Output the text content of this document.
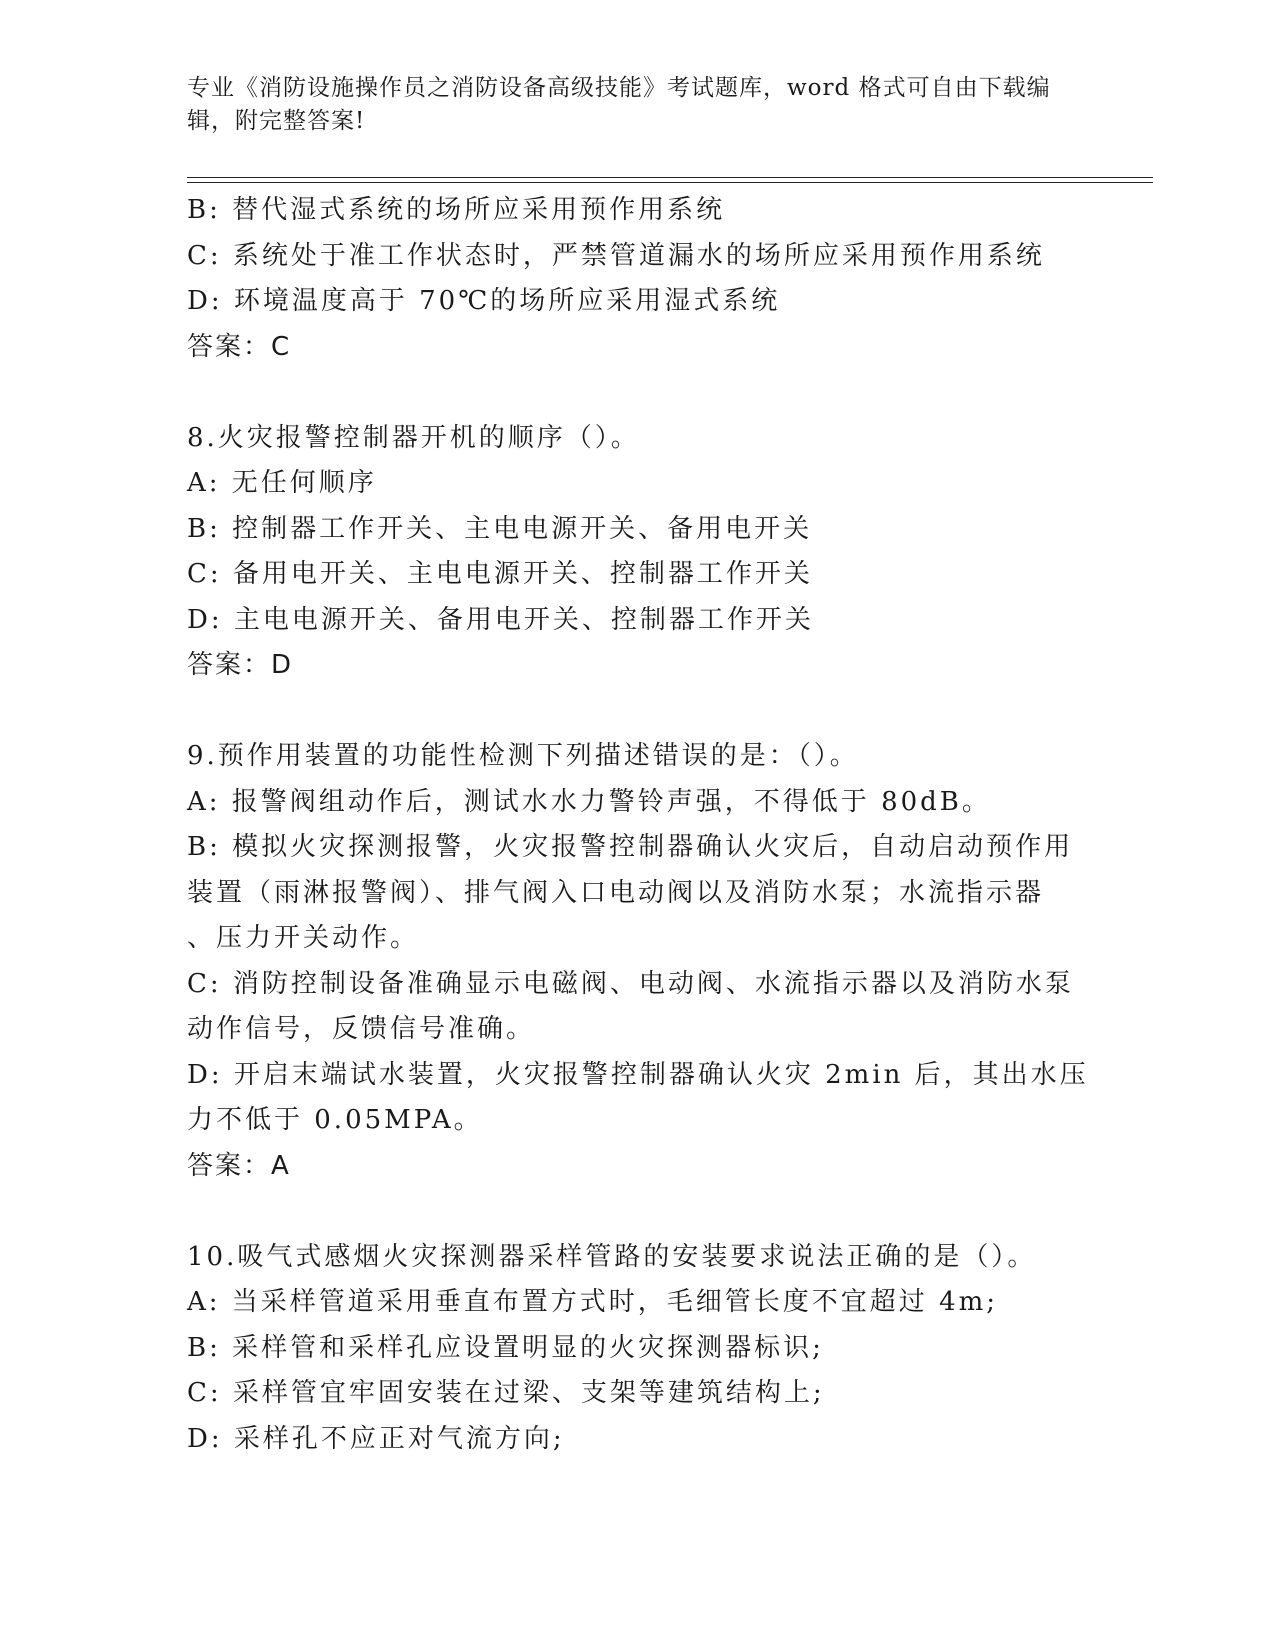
专业《消防设施操作员之消防设备高级技能》考试题库，word 格式可自由下载编
辑，附完整答案!
B: 替代湿式系统的场所应采用预作用系统
C: 系统处于准工作状态时，严禁管道漏水的场所应采用预作用系统
D: 环境温度高于 70℃的场所应采用湿式系统
答案：C
8.火灾报警控制器开机的顺序（）。
A: 无任何顺序
B: 控制器工作开关、主电电源开关、备用电开关
C: 备用电开关、主电电源开关、控制器工作开关
D: 主电电源开关、备用电开关、控制器工作开关
答案：D
9.预作用装置的功能性检测下列描述错误的是：（）。
A: 报警阀组动作后，测试水水力警铃声强，不得低于 80dB。
B: 模拟火灾探测报警，火灾报警控制器确认火灾后，自动启动预作用
装置（雨淋报警阀）、排气阀入口电动阀以及消防水泵；水流指示器
、压力开关动作。
C: 消防控制设备准确显示电磁阀、电动阀、水流指示器以及消防水泵
动作信号，反馈信号准确。
D: 开启末端试水装置，火灾报警控制器确认火灾 2min 后，其出水压
力不低于 0.05MPA。
答案：A
10.吸气式感烟火灾探测器采样管路的安装要求说法正确的是（）。
A: 当采样管道采用垂直布置方式时，毛细管长度不宜超过 4m;
B: 采样管和采样孔应设置明显的火灾探测器标识;
C: 采样管宜牢固安装在过梁、支架等建筑结构上;
D: 采样孔不应正对气流方向;
